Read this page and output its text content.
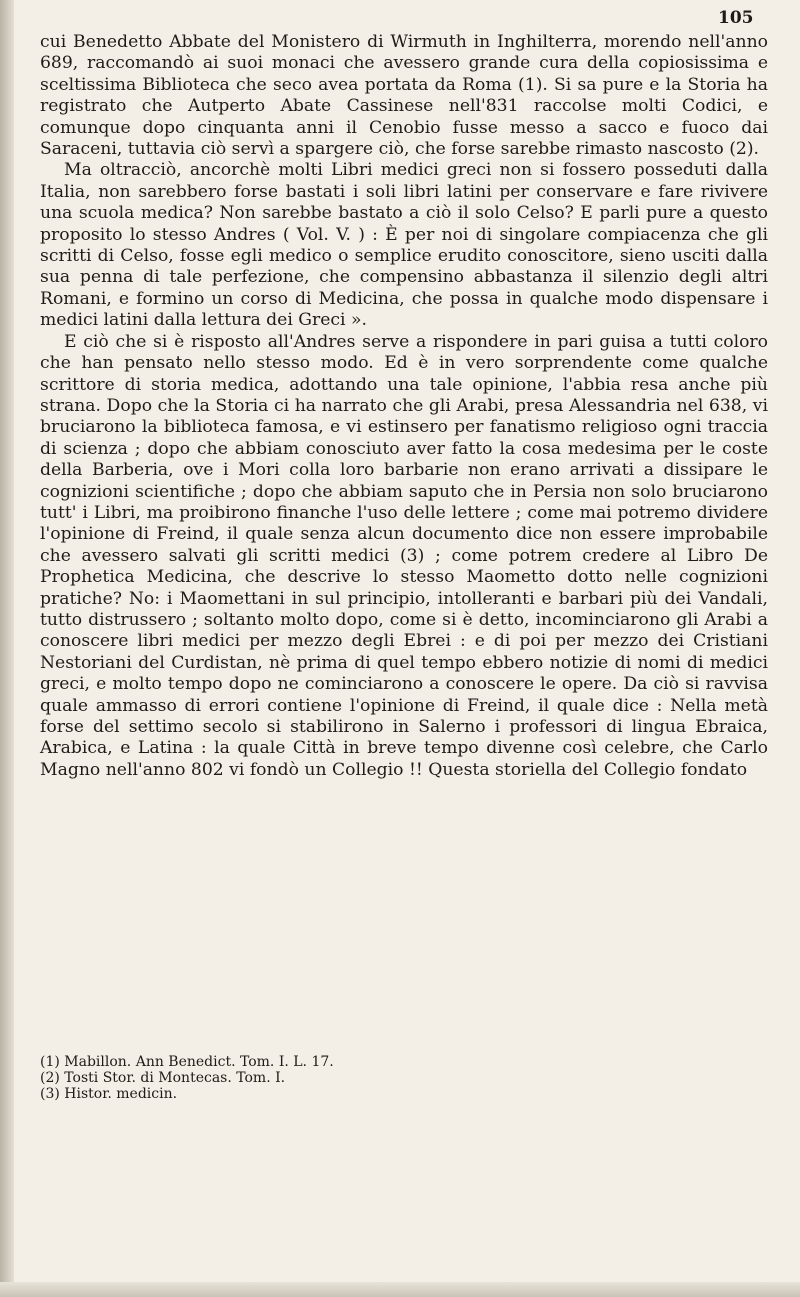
105

cui Benedetto Abbate del Monistero di Wirmuth in Inghilterra, morendo nell'anno 689, raccomandò ai suoi monaci che avessero grande cura della copiosissima e sceltissima Biblioteca che seco avea portata da Roma (1). Si sa pure e la Storia ha registrato che Autperto Abate Cassinese nell'831 raccolse molti Codici, e comunque dopo cinquanta anni il Cenobio fusse messo a sacco e fuoco dai Saraceni, tuttavia ciò servì a spargere ciò, che forse sarebbe rimasto nascosto (2).

Ma oltracciò, ancorchè molti Libri medici greci non si fossero posseduti dalla Italia, non sarebbero forse bastati i soli libri latini per conservare e fare rivivere una scuola medica? Non sarebbe bastato a ciò il solo Celso? E parli pure a questo proposito lo stesso Andres ( Vol. V. ) : È per noi di singolare compiacenza che gli scritti di Celso, fosse egli medico o semplice erudito conoscitore, sieno usciti dalla sua penna di tale perfezione, che compensino abbastanza il silenzio degli altri Romani, e formino un corso di Medicina, che possa in qualche modo dispensare i medici latini dalla lettura dei Greci ».

E ciò che si è risposto all'Andres serve a rispondere in pari guisa a tutti coloro che han pensato nello stesso modo. Ed è in vero sorprendente come qualche scrittore di storia medica, adottando una tale opinione, l'abbia resa anche più strana. Dopo che la Storia ci ha narrato che gli Arabi, presa Alessandria nel 638, vi bruciarono la biblioteca famosa, e vi estinsero per fanatismo religioso ogni traccia di scienza ; dopo che abbiam conosciuto aver fatto la cosa medesima per le coste della Barberia, ove i Mori colla loro barbarie non erano arrivati a dissipare le cognizioni scientifiche ; dopo che abbiam saputo che in Persia non solo bruciarono tutt' i Libri, ma proibirono finanche l'uso delle lettere ; come mai potremo dividere l'opinione di Freind, il quale senza alcun documento dice non essere improbabile che avessero salvati gli scritti medici (3) ; come potrem credere al Libro De Prophetica Medicina, che descrive lo stesso Maometto dotto nelle cognizioni pratiche? No: i Maomettani in sul principio, intolleranti e barbari più dei Vandali, tutto distrussero ; soltanto molto dopo, come si è detto, incominciarono gli Arabi a conoscere libri medici per mezzo degli Ebrei : e di poi per mezzo dei Cristiani Nestoriani del Curdistan, nè prima di quel tempo ebbero notizie di nomi di medici greci, e molto tempo dopo ne cominciarono a conoscere le opere. Da ciò si ravvisa quale ammasso di errori contiene l'opinione di Freind, il quale dice : Nella metà forse del settimo secolo si stabilirono in Salerno i professori di lingua Ebraica, Arabica, e Latina : la quale Città in breve tempo divenne così celebre, che Carlo Magno nell'anno 802 vi fondò un Collegio !! Questa storiella del Collegio fondato

(1) Mabillon. Ann Benedict. Tom. I. L. 17.

(2) Tosti Stor. di Montecas. Tom. I.

(3) Histor. medicin.
